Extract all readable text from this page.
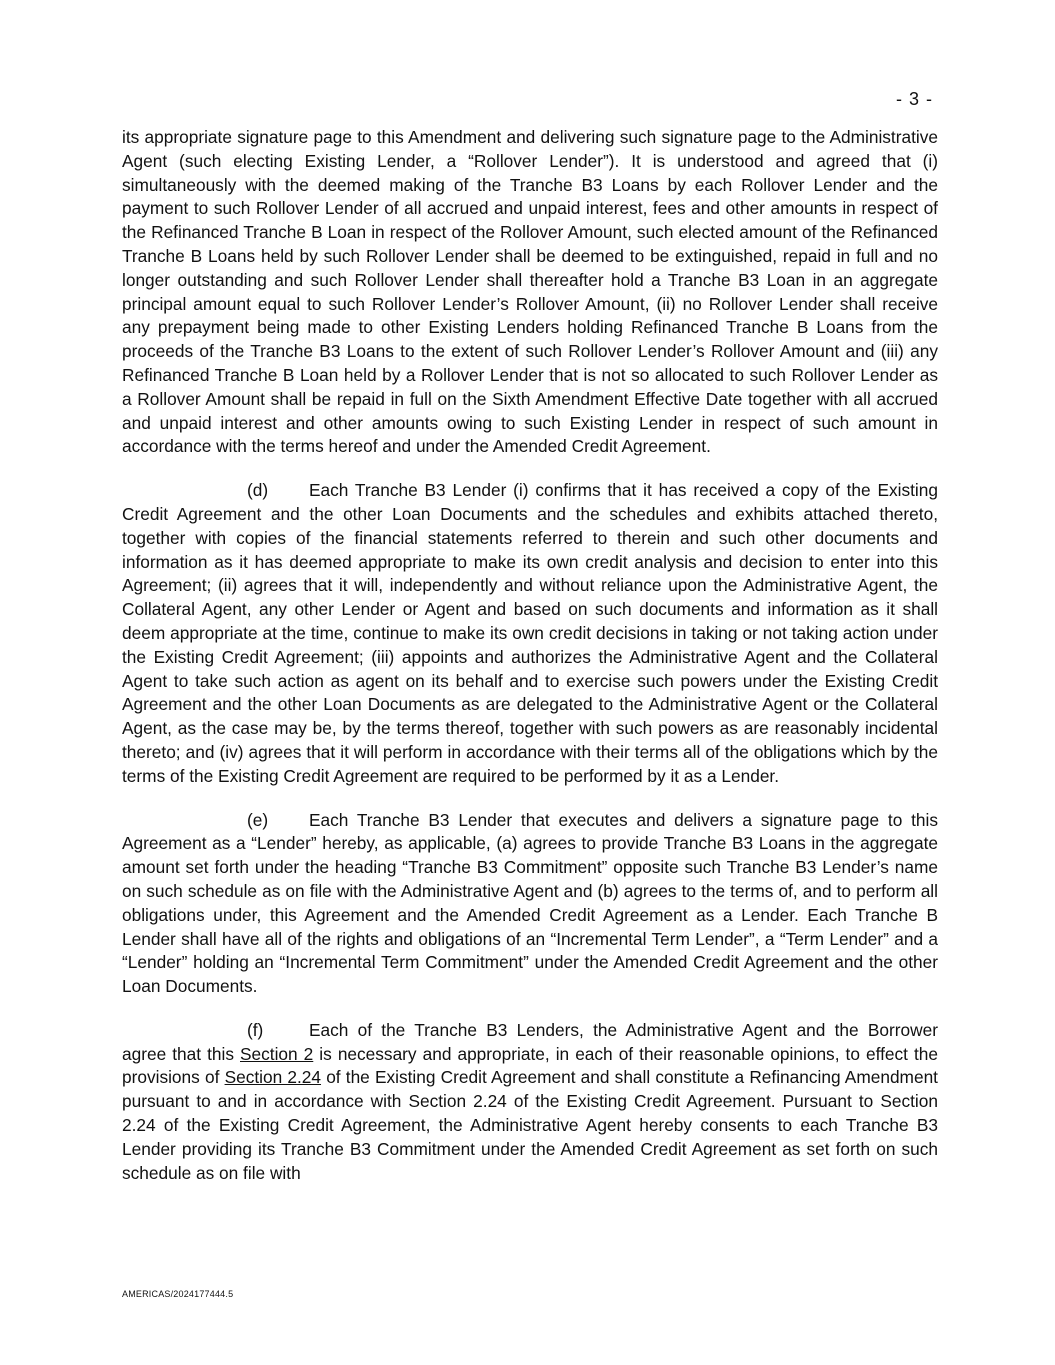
- 3 -

its appropriate signature page to this Amendment and delivering such signature page to the Administrative Agent (such electing Existing Lender, a “Rollover Lender”). It is understood and agreed that (i) simultaneously with the deemed making of the Tranche B3 Loans by each Rollover Lender and the payment to such Rollover Lender of all accrued and unpaid interest, fees and other amounts in respect of the Refinanced Tranche B Loan in respect of the Rollover Amount, such elected amount of the Refinanced Tranche B Loans held by such Rollover Lender shall be deemed to be extinguished, repaid in full and no longer outstanding and such Rollover Lender shall thereafter hold a Tranche B3 Loan in an aggregate principal amount equal to such Rollover Lender’s Rollover Amount, (ii) no Rollover Lender shall receive any prepayment being made to other Existing Lenders holding Refinanced Tranche B Loans from the proceeds of the Tranche B3 Loans to the extent of such Rollover Lender’s Rollover Amount and (iii) any Refinanced Tranche B Loan held by a Rollover Lender that is not so allocated to such Rollover Lender as a Rollover Amount shall be repaid in full on the Sixth Amendment Effective Date together with all accrued and unpaid interest and other amounts owing to such Existing Lender in respect of such amount in accordance with the terms hereof and under the Amended Credit Agreement.

(d) Each Tranche B3 Lender (i) confirms that it has received a copy of the Existing Credit Agreement and the other Loan Documents and the schedules and exhibits attached thereto, together with copies of the financial statements referred to therein and such other documents and information as it has deemed appropriate to make its own credit analysis and decision to enter into this Agreement; (ii) agrees that it will, independently and without reliance upon the Administrative Agent, the Collateral Agent, any other Lender or Agent and based on such documents and information as it shall deem appropriate at the time, continue to make its own credit decisions in taking or not taking action under the Existing Credit Agreement; (iii) appoints and authorizes the Administrative Agent and the Collateral Agent to take such action as agent on its behalf and to exercise such powers under the Existing Credit Agreement and the other Loan Documents as are delegated to the Administrative Agent or the Collateral Agent, as the case may be, by the terms thereof, together with such powers as are reasonably incidental thereto; and (iv) agrees that it will perform in accordance with their terms all of the obligations which by the terms of the Existing Credit Agreement are required to be performed by it as a Lender.

(e) Each Tranche B3 Lender that executes and delivers a signature page to this Agreement as a “Lender” hereby, as applicable, (a) agrees to provide Tranche B3 Loans in the aggregate amount set forth under the heading “Tranche B3 Commitment” opposite such Tranche B3 Lender’s name on such schedule as on file with the Administrative Agent and (b) agrees to the terms of, and to perform all obligations under, this Agreement and the Amended Credit Agreement as a Lender. Each Tranche B Lender shall have all of the rights and obligations of an “Incremental Term Lender”, a “Term Lender” and a “Lender” holding an “Incremental Term Commitment” under the Amended Credit Agreement and the other Loan Documents.

(f)	Each of the Tranche B3 Lenders, the Administrative Agent and the Borrower agree that this Section 2 is necessary and appropriate, in each of their reasonable opinions, to effect the provisions of Section 2.24 of the Existing Credit Agreement and shall constitute a Refinancing Amendment pursuant to and in accordance with Section 2.24 of the Existing Credit Agreement. Pursuant to Section 2.24 of the Existing Credit Agreement, the Administrative Agent hereby consents to each Tranche B3 Lender providing its Tranche B3 Commitment under the Amended Credit Agreement as set forth on such schedule as on file with

AMERICAS/2024177444.5
